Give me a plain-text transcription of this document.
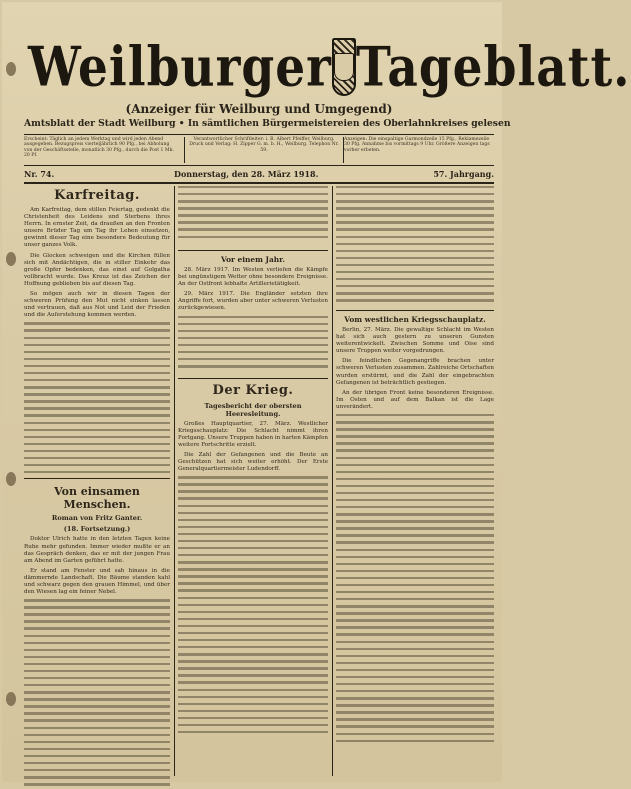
Weilburger Tageblatt.
(Anzeiger für Weilburg und Umgegend)
Amtsblatt der Stadt Weilburg • In sämtlichen Bürgermeistereien des Oberlahnkreises gelesen
Erscheint: Täglich an jedem Werktag und wird jeden Abend ausgegeben. Bezugspreis vierteljährlich 90 Pfg., bei Abholung von der Geschäftsstelle, monatlich 30 Pfg., durch die Post 1 Mk. 20 Pf.
Verantwortlicher Schriftleiter: i. B. Albert Pfeiffer, Weilburg. Druck und Verlag: H. Zipper G. m. b. H., Weilburg. Telephon Nr. 59.
Anzeigen: Die einspaltige Garmondzeile 15 Pfg., Reklamezeile 30 Pfg. Annahme bis vormittags 9 Uhr. Größere Anzeigen tags vorher erbeten.
Nr. 74.	Donnerstag, den 28. März 1918.	57. Jahrgang.
Karfreitag.

Am Karfreitag, dem stillen Feiertag, gedenkt die Christenheit des Leidens und Sterbens ihres Herrn. In ernster Zeit, da draußen an den Fronten unsere Brüder Tag um Tag ihr Leben einsetzen, gewinnt dieser Tag eine besondere Bedeutung für unser ganzes Volk.

Die Glocken schweigen und die Kirchen füllen sich mit Andächtigen, die in stiller Einkehr das große Opfer bedenken, das einst auf Golgatha vollbracht wurde. Das Kreuz ist das Zeichen der Hoffnung geblieben bis auf diesen Tag.

So mögen auch wir in diesen Tagen der schweren Prüfung den Mut nicht sinken lassen und vertrauen, daß aus Not und Leid der Frieden und die Auferstehung kommen werden.

Von einsamen Menschen.
Roman von Fritz Ganter.
(18. Fortsetzung.)

Doktor Ulrich hatte in den letzten Tagen keine Ruhe mehr gefunden. Immer wieder mußte er an das Gespräch denken, das er mit der jungen Frau am Abend im Garten geführt hatte.

Er stand am Fenster und sah hinaus in die dämmernde Landschaft. Die Bäume standen kahl und schwarz gegen den grauen Himmel, und über den Wiesen lag ein feiner Nebel.

Vor einem Jahr.

28. März 1917. Im Westen verliefen die Kämpfe bei ungünstigem Wetter ohne besondere Ereignisse. An der Ostfront lebhafte Artillerietätigkeit.

29. März 1917. Die Engländer setzten ihre Angriffe fort, wurden aber unter schweren Verlusten zurückgewiesen.

Der Krieg.
Tagesbericht der obersten Heeresleitung.

Großes Hauptquartier, 27. März. Westlicher Kriegsschauplatz: Die Schlacht nimmt ihren Fortgang. Unsere Truppen haben in harten Kämpfen weitere Fortschritte erzielt.

Die Zahl der Gefangenen und die Beute an Geschützen hat sich weiter erhöht. Der Erste Generalquartiermeister Ludendorff.

Vom westlichen Kriegsschauplatz.

Berlin, 27. März. Die gewaltige Schlacht im Westen hat sich auch gestern zu unseren Gunsten weiterentwickelt. Zwischen Somme und Oise sind unsere Truppen weiter vorgedrungen.

Die feindlichen Gegenangriffe brachen unter schweren Verlusten zusammen. Zahlreiche Ortschaften wurden erstürmt, und die Zahl der eingebrachten Gefangenen ist beträchtlich gestiegen.

An der übrigen Front keine besonderen Ereignisse. Im Osten und auf dem Balkan ist die Lage unverändert.
